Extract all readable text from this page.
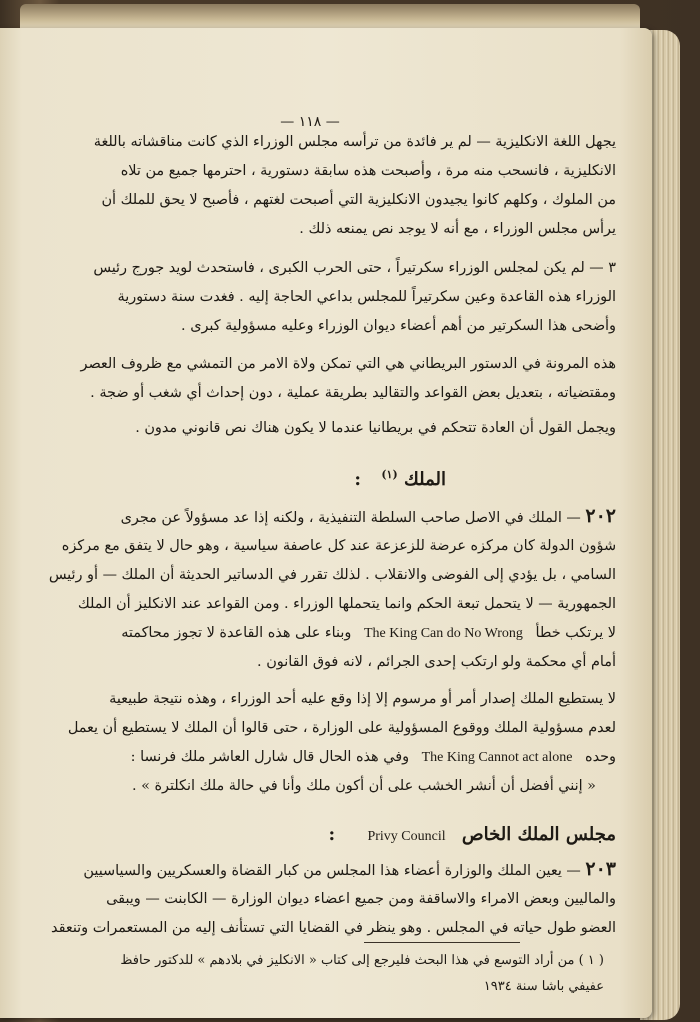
— ١١٨ —
يجهل اللغة الانكليزية — لم ير فائدة من ترأسه مجلس الوزراء الذي كانت مناقشاته باللغة
الانكليزية ، فانسحب منه مرة ، وأصبحت هذه سابقة دستورية ، احترمها جميع من تلاه
من الملوك ، وكلهم كانوا يجيدون الانكليزية التي أصبحت لغتهم ، فأصبح لا يحق للملك أن
يرأس مجلس الوزراء ، مع أنه لا يوجد نص يمنعه ذلك .
٣ — لم يكن لمجلس الوزراء سكرتيراً ، حتى الحرب الكبرى ، فاستحدث لويد جورج رئيس
الوزراء هذه القاعدة وعين سكرتيراً للمجلس بداعي الحاجة إليه . فغدت سنة دستورية
وأضحى هذا السكرتير من أهم أعضاء ديوان الوزراء وعليه مسؤولية كبرى .
هذه المرونة في الدستور البريطاني هي التي تمكن ولاة الامر من التمشي مع ظروف العصر
ومقتضياته ، بتعديل بعض القواعد والتقاليد بطريقة عملية ، دون إحداث أي شغب أو ضجة .
ويجمل القول أن العادة تتحكم في بريطانيا عندما لا يكون هناك نص قانوني مدون .
الملك $^{(١)}$ :
٢٠٢ — الملك في الاصل صاحب السلطة التنفيذية ، ولكنه إذا عد مسؤولاً عن مجرى
شؤون الدولة كان مركزه عرضة للزعزعة عند كل عاصفة سياسية ، وهو حال لا يتفق مع مركزه
السامي ، بل يؤدي إلى الفوضى والانقلاب . لذلك تقرر في الدساتير الحديثة أن الملك — أو رئيس
الجمهورية — لا يتحمل تبعة الحكم وانما يتحملها الوزراء . ومن القواعد عند الانكليز أن الملك
لا يرتكب خطأ The King Can do No Wrong وبناء على هذه القاعدة لا تجوز محاكمته
أمام أي محكمة ولو ارتكب إحدى الجرائم ، لانه فوق القانون .
لا يستطيع الملك إصدار أمر أو مرسوم إلا إذا وقع عليه أحد الوزراء ، وهذه نتيجة طبيعية
لعدم مسؤولية الملك ووقوع المسؤولية على الوزارة ، حتى قالوا أن الملك لا يستطيع أن يعمل
وحده The King Cannot act alone وفي هذه الحال قال شارل العاشر ملك فرنسا :
« إنني أفضل أن أنشر الخشب على أن أكون ملك وأنا في حالة ملك انكلترة » .
مجلس الملك الخاص Privy Council :
٢٠٣ — يعين الملك والوزارة أعضاء هذا المجلس من كبار القضاة والعسكريين والسياسيين
والماليين وبعض الامراء والاساقفة ومن جميع اعضاء ديوان الوزارة — الكابنت — ويبقى
العضو طول حياته في المجلس . وهو ينظر في القضايا التي تستأنف إليه من المستعمرات وتنعقد
( ١ ) من أراد التوسع في هذا البحث فليرجع إلى كتاب « الانكليز في بلادهم » للدكتور حافظ
عفيفي باشا سنة ١٩٣٤
